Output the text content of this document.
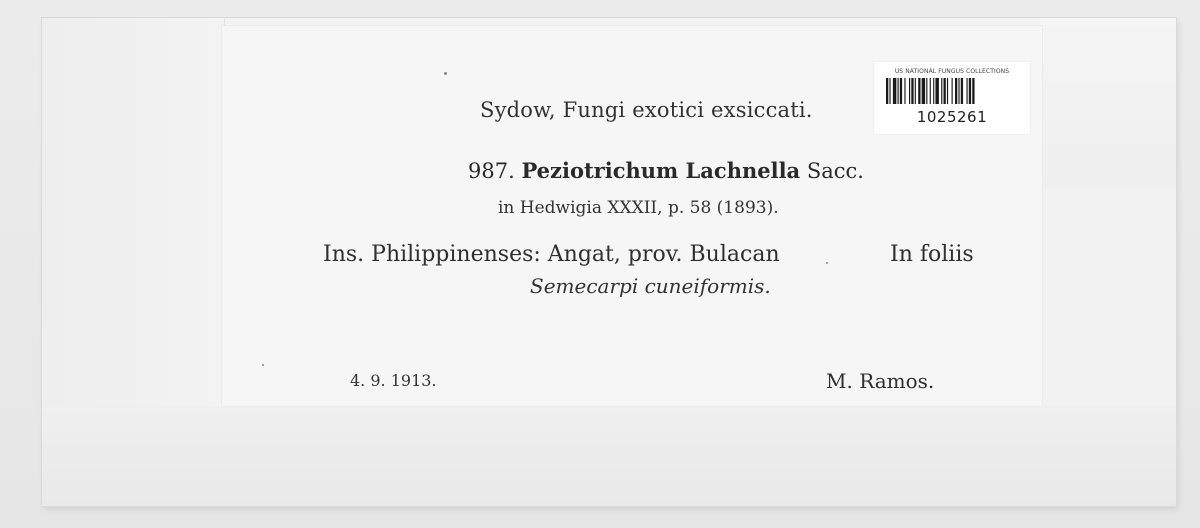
Sydow, Fungi exotici exsiccati.
987. Peziotrichum Lachnella Sacc.
in Hedwigia XXXII, p. 58 (1893).
Ins. Philippinenses: Angat, prov. Bulacan	In foliis
Semecarpi cuneiformis.
4. 9. 1913.	M. Ramos.
US NATIONAL FUNGUS COLLECTIONS
1025261
